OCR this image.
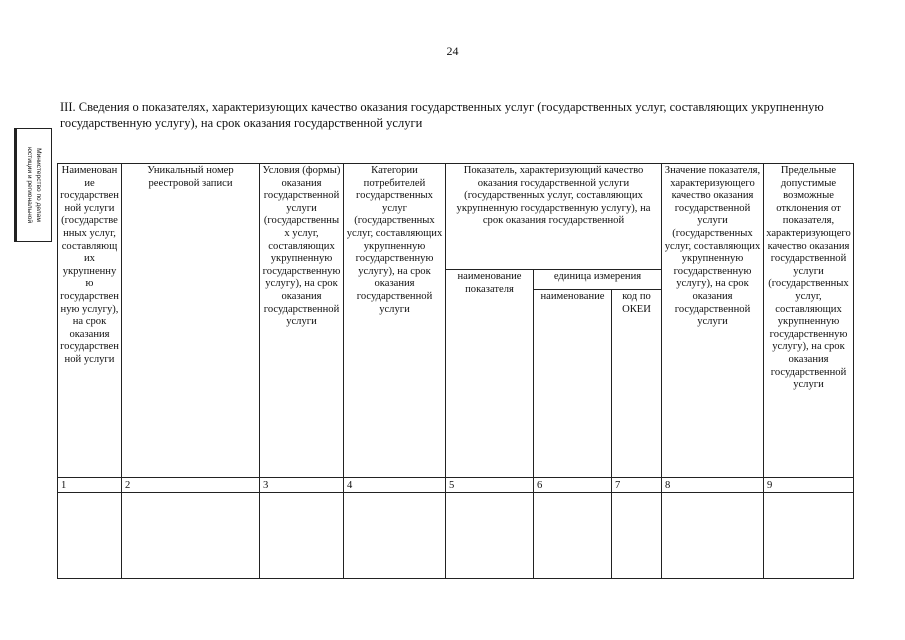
24
Министерство по делам
юстиции и региональной
III. Сведения о показателях, характеризующих качество оказания государственных услуг (государственных услуг, составляющих укрупненную государственную услугу), на срок оказания государственной услуги
Наименование государственной услуги (государственных услуг, составляющих укрупненную государственную услугу), на срок оказания государственной услуги	Уникальный номер реестровой записи	Условия (формы) оказания государственной услуги (государственных услуг, составляющих укрупненную государственную услугу), на срок оказания государственной услуги	Категории потребителей государственных услуг (государственных услуг, составляющих укрупненную государственную услугу), на срок оказания государственной услуги	Показатель, характеризующий качество оказания государственной услуги (государственных услуг, составляющих укрупненную государственную услугу), на срок оказания государственной			Значение показателя, характеризующего качество оказания государственной услуги (государственных услуг, составляющих укрупненную государственную услугу), на срок оказания государственной услуги	Предельные допустимые возможные отклонения от показателя, характеризующего качество оказания государственной услуги (государственных услуг, составляющих укрупненную государственную услугу), на срок оказания государственной услуги
				наименование показателя	единица измерения			
					наименование	код по ОКЕИ		
1	2	3	4	5	6	7	8	9
